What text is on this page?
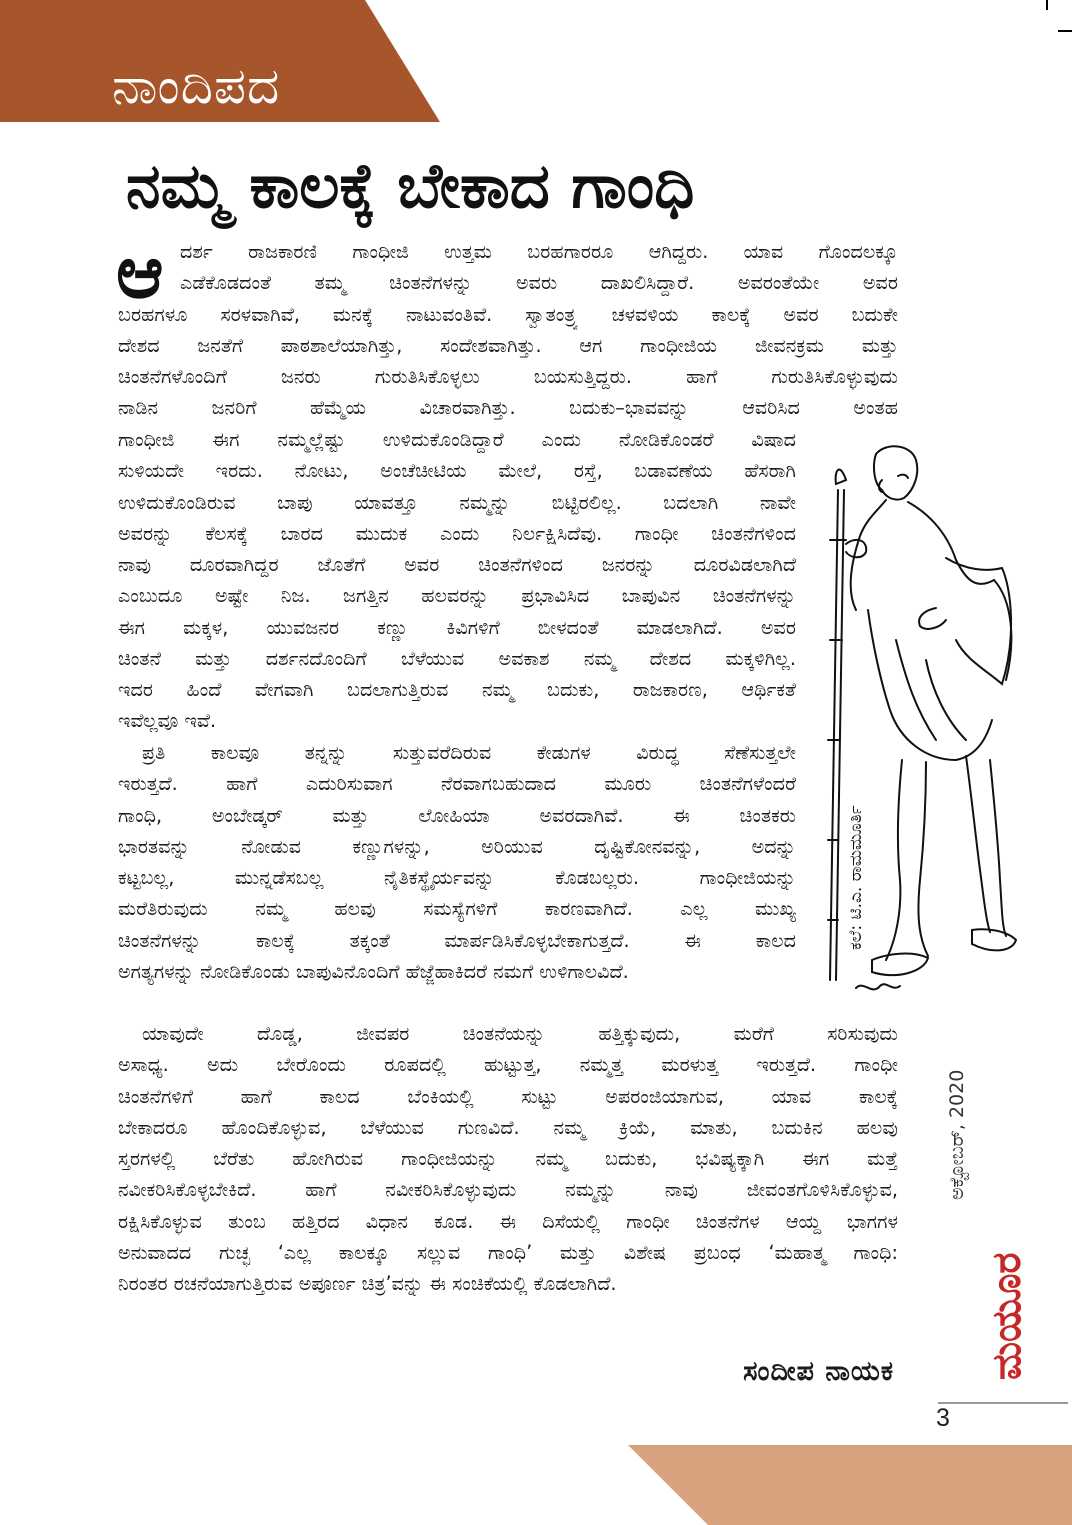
ನಾಂದಿಪದ
ನಮ್ಮ ಕಾಲಕ್ಕೆ ಬೇಕಾದ ಗಾಂಧಿ
ಆ ದರ್ಶ ರಾಜಕಾರಣಿ ಗಾಂಧೀಜಿ ಉತ್ತಮ ಬರಹಗಾರರೂ ಆಗಿದ್ದರು. ಯಾವ ಗೊಂದಲಕ್ಕೂ
ಎಡೆಕೊಡದಂತೆ ತಮ್ಮ ಚಿಂತನೆಗಳನ್ನು ಅವರು ದಾಖಲಿಸಿದ್ದಾರೆ. ಅವರಂತೆಯೇ ಅವರ
ಬರಹಗಳೂ ಸರಳವಾಗಿವೆ, ಮನಕ್ಕೆ ನಾಟುವಂತಿವೆ. ಸ್ವಾತಂತ್ರ್ಯ ಚಳವಳಿಯ ಕಾಲಕ್ಕೆ ಅವರ ಬದುಕೇ
ದೇಶದ ಜನತೆಗೆ ಪಾಠಶಾಲೆಯಾಗಿತ್ತು, ಸಂದೇಶವಾಗಿತ್ತು. ಆಗ ಗಾಂಧೀಜಿಯ ಜೀವನಕ್ರಮ ಮತ್ತು
ಚಿಂತನೆಗಳೊಂದಿಗೆ ಜನರು ಗುರುತಿಸಿಕೊಳ್ಳಲು ಬಯಸುತ್ತಿದ್ದರು. ಹಾಗೆ ಗುರುತಿಸಿಕೊಳ್ಳುವುದು
ನಾಡಿನ ಜನರಿಗೆ ಹೆಮ್ಮೆಯ ವಿಚಾರವಾಗಿತ್ತು. ಬದುಕು–ಭಾವವನ್ನು ಆವರಿಸಿದ ಅಂತಹ
ಗಾಂಧೀಜಿ ಈಗ ನಮ್ಮಲ್ಲೆಷ್ಟು ಉಳಿದುಕೊಂಡಿದ್ದಾರೆ ಎಂದು ನೋಡಿಕೊಂಡರೆ ವಿಷಾದ
ಸುಳಿಯದೇ ಇರದು. ನೋಟು, ಅಂಚೆಚೀಟಿಯ ಮೇಲೆ, ರಸ್ತೆ, ಬಡಾವಣೆಯ ಹೆಸರಾಗಿ
ಉಳಿದುಕೊಂಡಿರುವ ಬಾಪು ಯಾವತ್ತೂ ನಮ್ಮನ್ನು ಬಿಟ್ಟಿರಲಿಲ್ಲ. ಬದಲಾಗಿ ನಾವೇ
ಅವರನ್ನು ಕೆಲಸಕ್ಕೆ ಬಾರದ ಮುದುಕ ಎಂದು ನಿರ್ಲಕ್ಷಿಸಿದೆವು. ಗಾಂಧೀ ಚಿಂತನೆಗಳಿಂದ
ನಾವು ದೂರವಾಗಿದ್ದರ ಜೊತೆಗೆ ಅವರ ಚಿಂತನೆಗಳಿಂದ ಜನರನ್ನು ದೂರವಿಡಲಾಗಿದೆ
ಎಂಬುದೂ ಅಷ್ಟೇ ನಿಜ. ಜಗತ್ತಿನ ಹಲವರನ್ನು ಪ್ರಭಾವಿಸಿದ ಬಾಪುವಿನ ಚಿಂತನೆಗಳನ್ನು
ಈಗ ಮಕ್ಕಳ, ಯುವಜನರ ಕಣ್ಣು ಕಿವಿಗಳಿಗೆ ಬೀಳದಂತೆ ಮಾಡಲಾಗಿದೆ. ಅವರ
ಚಿಂತನೆ ಮತ್ತು ದರ್ಶನದೊಂದಿಗೆ ಬೆಳೆಯುವ ಅವಕಾಶ ನಮ್ಮ ದೇಶದ ಮಕ್ಕಳಿಗಿಲ್ಲ.
ಇದರ ಹಿಂದೆ ವೇಗವಾಗಿ ಬದಲಾಗುತ್ತಿರುವ ನಮ್ಮ ಬದುಕು, ರಾಜಕಾರಣ, ಆರ್ಥಿಕತೆ
ಇವೆಲ್ಲವೂ ಇವೆ.
ಪ್ರತಿ ಕಾಲವೂ ತನ್ನನ್ನು ಸುತ್ತುವರೆದಿರುವ ಕೇಡುಗಳ ವಿರುದ್ಧ ಸೆಣೆಸುತ್ತಲೇ
ಇರುತ್ತದೆ. ಹಾಗೆ ಎದುರಿಸುವಾಗ ನೆರವಾಗಬಹುದಾದ ಮೂರು ಚಿಂತನೆಗಳೆಂದರೆ
ಗಾಂಧಿ, ಅಂಬೇಡ್ಕರ್ ಮತ್ತು ಲೋಹಿಯಾ ಅವರದಾಗಿವೆ. ಈ ಚಿಂತಕರು
ಭಾರತವನ್ನು ನೋಡುವ ಕಣ್ಣುಗಳನ್ನು, ಅರಿಯುವ ದೃಷ್ಟಿಕೋನವನ್ನು, ಅದನ್ನು
ಕಟ್ಟಬಲ್ಲ, ಮುನ್ನಡೆಸಬಲ್ಲ ನೈತಿಕಸ್ಥೈರ್ಯವನ್ನು ಕೊಡಬಲ್ಲರು. ಗಾಂಧೀಜಿಯನ್ನು
ಮರೆತಿರುವುದು ನಮ್ಮ ಹಲವು ಸಮಸ್ಯೆಗಳಿಗೆ ಕಾರಣವಾಗಿದೆ. ಎಲ್ಲ ಮುಖ್ಯ
ಚಿಂತನೆಗಳನ್ನು ಕಾಲಕ್ಕೆ ತಕ್ಕಂತೆ ಮಾರ್ಪಡಿಸಿಕೊಳ್ಳಬೇಕಾಗುತ್ತದೆ. ಈ ಕಾಲದ
ಅಗತ್ಯಗಳನ್ನು ನೋಡಿಕೊಂಡು ಬಾಪುವಿನೊಂದಿಗೆ ಹೆಜ್ಜೆಹಾಕಿದರೆ ನಮಗೆ ಉಳಿಗಾಲವಿದೆ.
ಯಾವುದೇ ದೊಡ್ಡ, ಜೀವಪರ ಚಿಂತನೆಯನ್ನು ಹತ್ತಿಕ್ಕುವುದು, ಮರೆಗೆ ಸರಿಸುವುದು
ಅಸಾಧ್ಯ. ಅದು ಬೇರೊಂದು ರೂಪದಲ್ಲಿ ಹುಟ್ಟುತ್ತ, ನಮ್ಮತ್ತ ಮರಳುತ್ತ ಇರುತ್ತದೆ. ಗಾಂಧೀ
ಚಿಂತನೆಗಳಿಗೆ ಹಾಗೆ ಕಾಲದ ಬೆಂಕಿಯಲ್ಲಿ ಸುಟ್ಟು ಅಪರಂಜಿಯಾಗುವ, ಯಾವ ಕಾಲಕ್ಕೆ
ಬೇಕಾದರೂ ಹೊಂದಿಕೊಳ್ಳುವ, ಬೆಳೆಯುವ ಗುಣವಿದೆ. ನಮ್ಮ ಕ್ರಿಯೆ, ಮಾತು, ಬದುಕಿನ ಹಲವು
ಸ್ತರಗಳಲ್ಲಿ ಬೆರೆತು ಹೋಗಿರುವ ಗಾಂಧೀಜಿಯನ್ನು ನಮ್ಮ ಬದುಕು, ಭವಿಷ್ಯಕ್ಕಾಗಿ ಈಗ ಮತ್ತೆ
ನವೀಕರಿಸಿಕೊಳ್ಳಬೇಕಿದೆ. ಹಾಗೆ ನವೀಕರಿಸಿಕೊಳ್ಳುವುದು ನಮ್ಮನ್ನು ನಾವು ಜೀವಂತಗೊಳಿಸಿಕೊಳ್ಳುವ,
ರಕ್ಷಿಸಿಕೊಳ್ಳುವ ತುಂಬ ಹತ್ತಿರದ ವಿಧಾನ ಕೂಡ. ಈ ದಿಸೆಯಲ್ಲಿ ಗಾಂಧೀ ಚಿಂತನೆಗಳ ಆಯ್ದ ಭಾಗಗಳ
ಅನುವಾದದ ಗುಚ್ಛ ‘ಎಲ್ಲ ಕಾಲಕ್ಕೂ ಸಲ್ಲುವ ಗಾಂಧಿ’ ಮತ್ತು ವಿಶೇಷ ಪ್ರಬಂಧ ‘ಮಹಾತ್ಮ ಗಾಂಧಿ:
ನಿರಂತರ ರಚನೆಯಾಗುತ್ತಿರುವ ಅಪೂರ್ಣ ಚಿತ್ರ’ವನ್ನು ಈ ಸಂಚಿಕೆಯಲ್ಲಿ ಕೊಡಲಾಗಿದೆ.
ಸಂದೀಪ ನಾಯಕ
ಕಲೆ: ಟಿ.ಎ. ರಾಮಮೂರ್ತಿ
ಅಕ್ಟೋಬರ್, 2020
ಮಯೂರ
3
